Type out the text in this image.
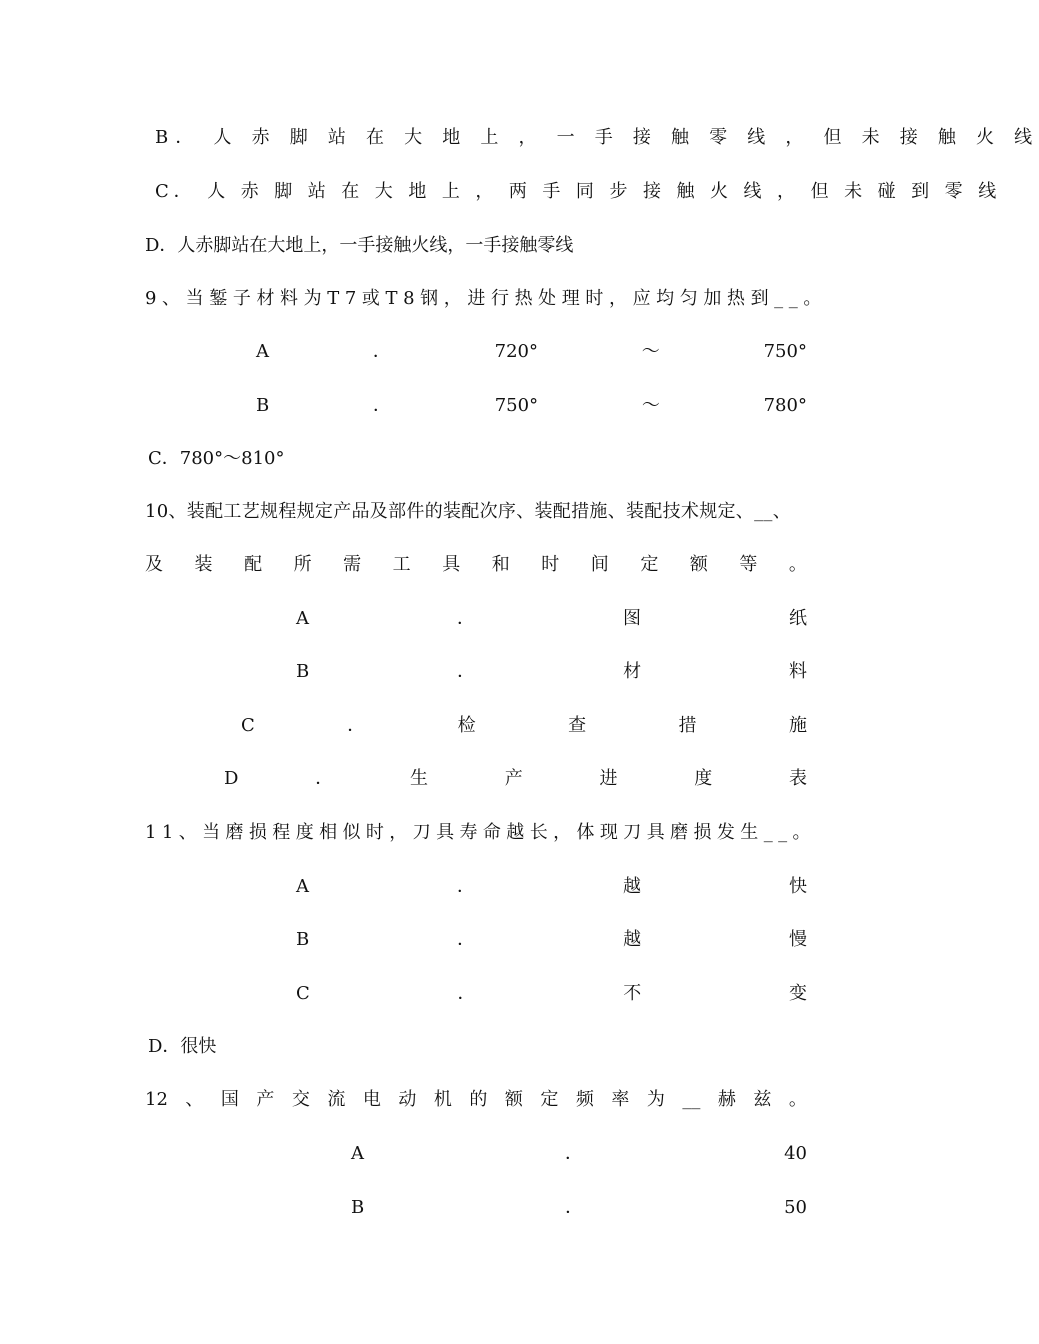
B． 人 赤 脚 站 在 大 地 上 ， 一 手 接 触 零 线 ， 但 未 接 触 火 线
C． 人 赤 脚 站 在 大 地 上 ， 两 手 同 步 接 触 火 线 ， 但 未 碰 到 零 线
D．人赤脚站在大地上，一手接触火线，一手接触零线
9、当錾子材料为T7或T8钢，进行热处理时，应均匀加热到__。
A	．	720°	～	750°
B	．	750°	～	780°
C．780°～810°
10、装配工艺规程规定产品及部件的装配次序、装配措施、装配技术规定、__、
及 装 配 所 需 工 具 和 时 间 定 额 等 。
A	．	图	纸
B	．	材	料
C	．	检	查	措	施
D	．	生	产	进	度	表
11、当磨损程度相似时，刀具寿命越长，体现刀具磨损发生__。
A	．	越	快
B	．	越	慢
C	．	不	变
D．很快
12 、 国 产 交 流 电 动 机 的 额 定 频 率 为 __ 赫 兹 。
A	．	40
B	．	50
